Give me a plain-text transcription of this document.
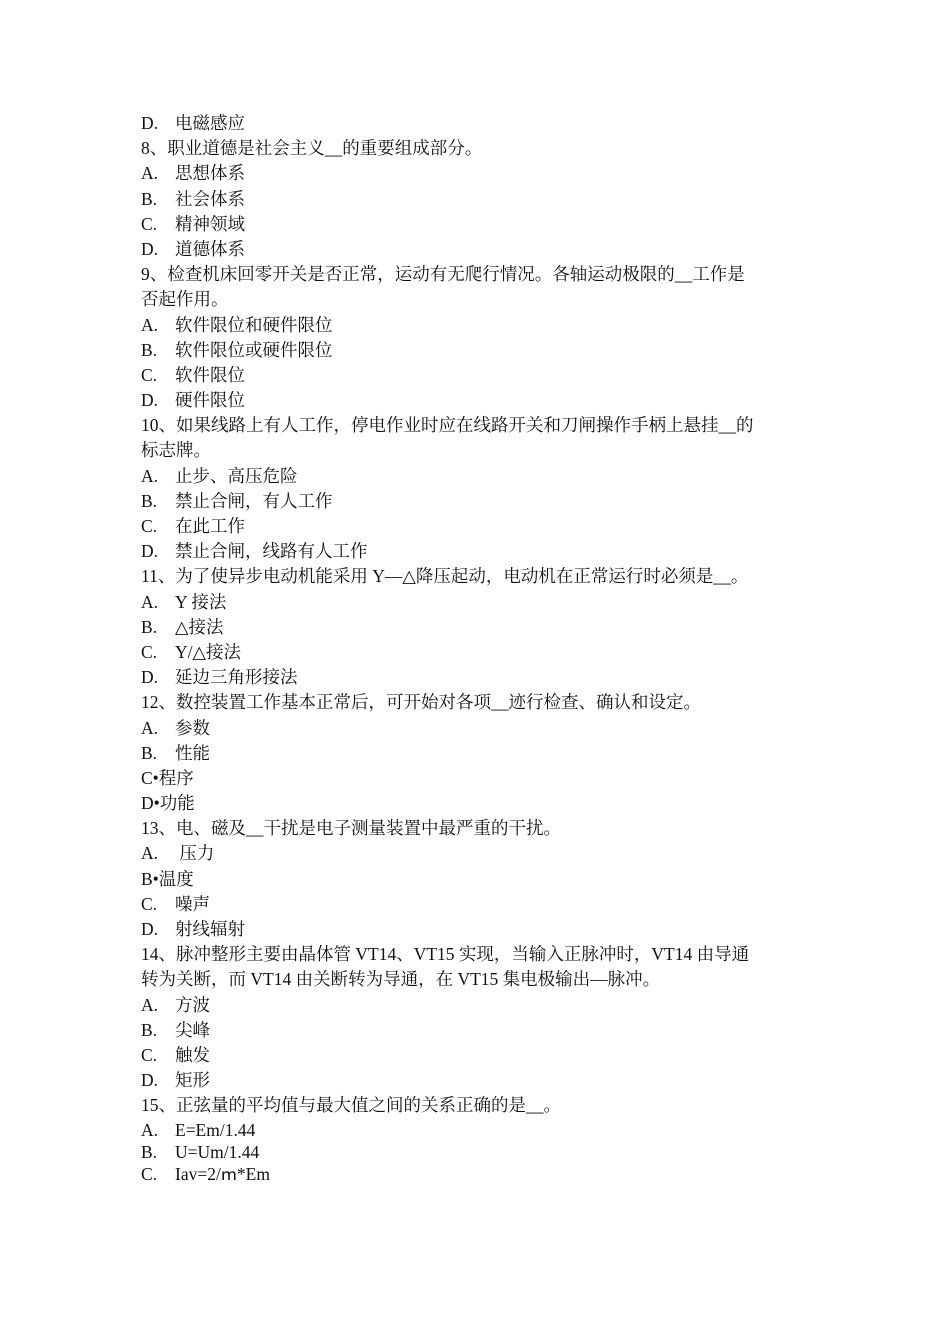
D. 电磁感应
8、职业道德是社会主义__的重要组成部分。
A. 思想体系
B. 社会体系
C. 精神领域
D. 道德体系
9、检查机床回零开关是否正常，运动有无爬行情况。各轴运动极限的__工作是
否起作用。
A. 软件限位和硬件限位
B. 软件限位或硬件限位
C. 软件限位
D. 硬件限位
10、如果线路上有人工作，停电作业时应在线路开关和刀闸操作手柄上悬挂__的
标志牌。
A. 止步、高压危险
B. 禁止合闸，有人工作
C. 在此工作
D. 禁止合闸，线路有人工作
11、为了使异步电动机能采用 Y—△降压起动，电动机在正常运行时必须是__。
A. Y 接法
B. △接法
C. Y/△接法
D. 延边三角形接法
12、数控装置工作基本正常后，可开始对各项__迹行检查、确认和设定。
A. 参数
B. 性能
C•程序
D•功能
13、电、磁及__干扰是电子测量装置中最严重的干扰。
A. 压力
B•温度
C. 噪声
D. 射线辐射
14、脉冲整形主要由晶体管 VT14、VT15 实现，当输入正脉冲时，VT14 由导通
转为关断，而 VT14 由关断转为导通，在 VT15 集电极输出—脉冲。
A. 方波
B. 尖峰
C. 触发
D. 矩形
15、正弦量的平均值与最大值之间的关系正确的是__。
A. E=Em/1.44
B. U=Um/1.44
C. Iav=2/ՠ*Em
